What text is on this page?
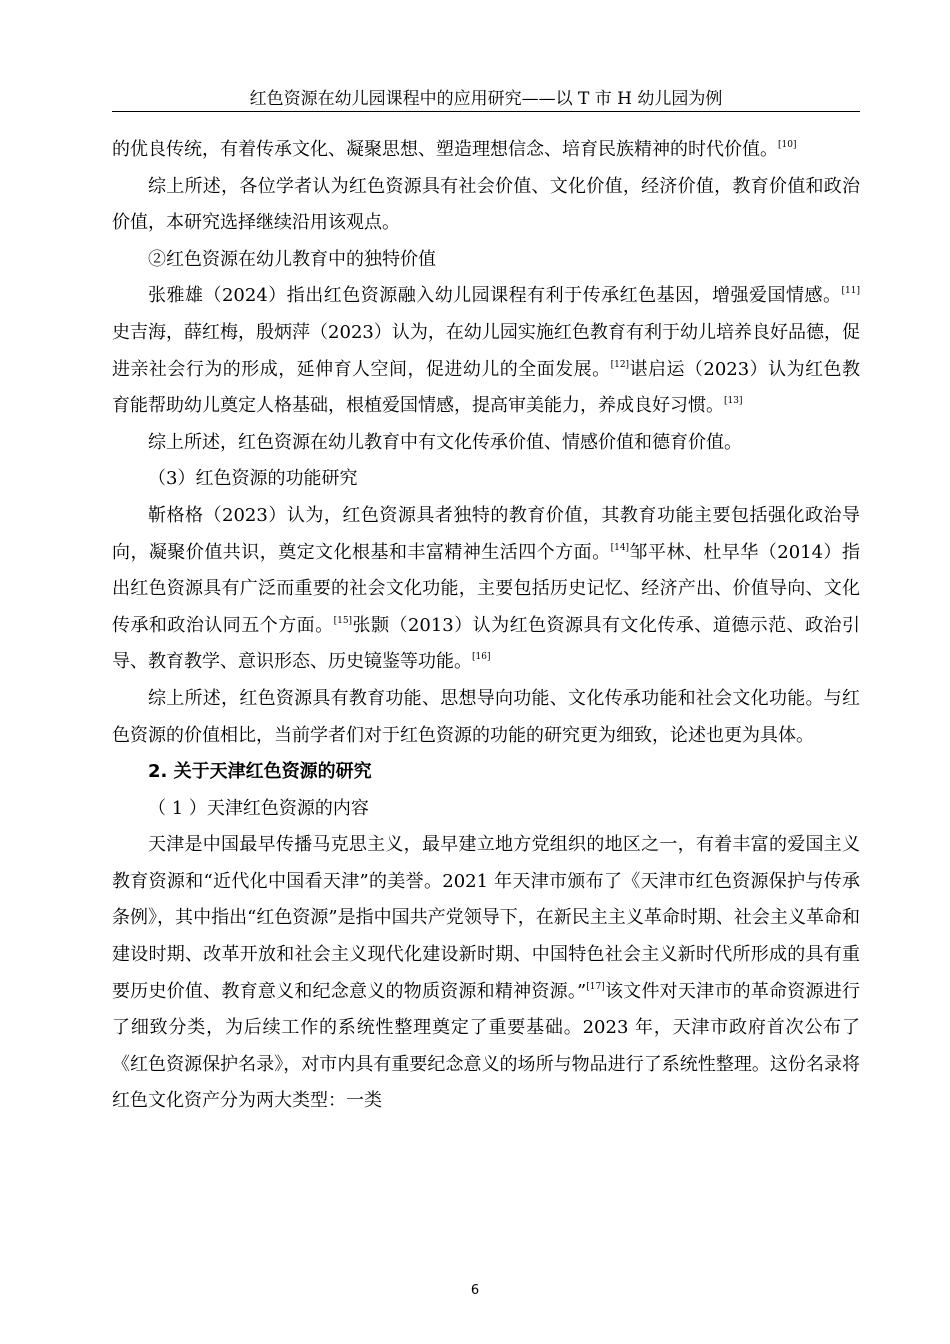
红色资源在幼儿园课程中的应用研究——以 T 市 H 幼儿园为例

的优良传统，有着传承文化、凝聚思想、塑造理想信念、培育民族精神的时代价值。[10]

综上所述，各位学者认为红色资源具有社会价值、文化价值，经济价值，教育价值和政治价值，本研究选择继续沿用该观点。

②红色资源在幼儿教育中的独特价值

张雅雄（2024）指出红色资源融入幼儿园课程有利于传承红色基因，增强爱国情感。[11]史吉海，薛红梅，殷炳萍（2023）认为，在幼儿园实施红色教育有利于幼儿培养良好品德，促进亲社会行为的形成，延伸育人空间，促进幼儿的全面发展。[12]谌启运（2023）认为红色教育能帮助幼儿奠定人格基础，根植爱国情感，提高审美能力，养成良好习惯。[13]

综上所述，红色资源在幼儿教育中有文化传承价值、情感价值和德育价值。

（3）红色资源的功能研究

靳格格（2023）认为，红色资源具者独特的教育价值，其教育功能主要包括强化政治导向，凝聚价值共识，奠定文化根基和丰富精神生活四个方面。[14]邹平林、杜早华（2014）指出红色资源具有广泛而重要的社会文化功能，主要包括历史记忆、经济产出、价值导向、文化传承和政治认同五个方面。[15]张颢（2013）认为红色资源具有文化传承、道德示范、政治引导、教育教学、意识形态、历史镜鉴等功能。[16]

综上所述，红色资源具有教育功能、思想导向功能、文化传承功能和社会文化功能。与红色资源的价值相比，当前学者们对于红色资源的功能的研究更为细致，论述也更为具体。

2. 关于天津红色资源的研究

（ 1 ）天津红色资源的内容

天津是中国最早传播马克思主义，最早建立地方党组织的地区之一，有着丰富的爱国主义教育资源和“近代化中国看天津”的美誉。2021 年天津市颁布了《天津市红色资源保护与传承条例》，其中指出“红色资源”是指中国共产党领导下，在新民主主义革命时期、社会主义革命和建设时期、改革开放和社会主义现代化建设新时期、中国特色社会主义新时代所形成的具有重要历史价值、教育意义和纪念意义的物质资源和精神资源。”[17]该文件对天津市的革命资源进行了细致分类，为后续工作的系统性整理奠定了重要基础。2023 年，天津市政府首次公布了《红色资源保护名录》，对市内具有重要纪念意义的场所与物品进行了系统性整理。这份名录将红色文化资产分为两大类型：一类

6
